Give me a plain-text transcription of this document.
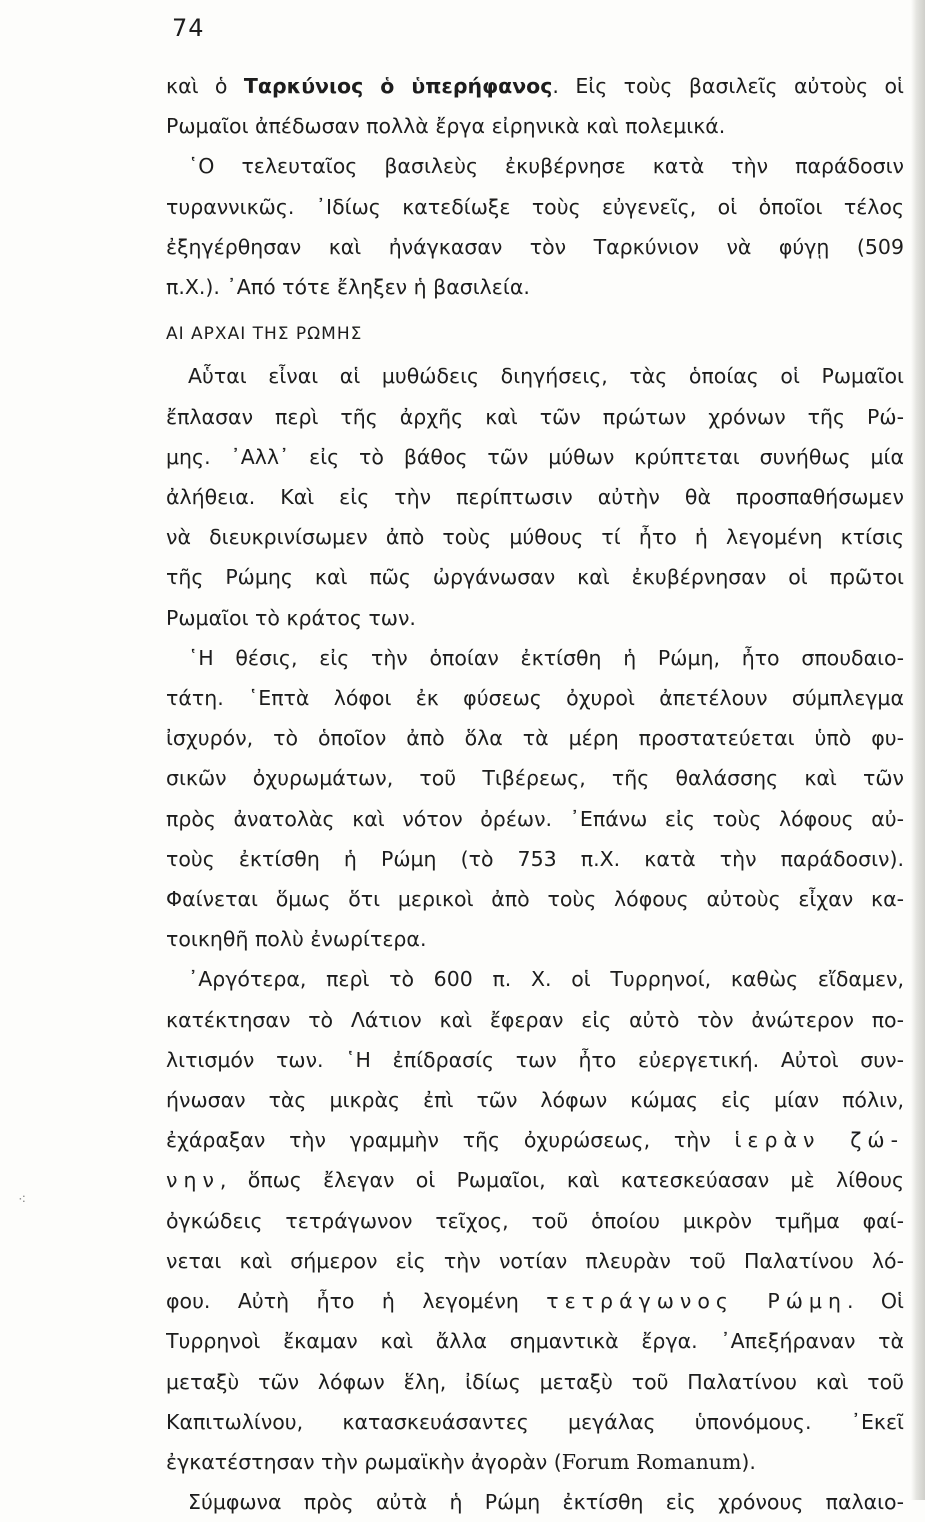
74
καὶ ὁ Ταρκύνιος ὁ ὑπερήφανος. Εἰς τοὺς βασιλεῖς αὐτοὺς οἱ
Ρωμαῖοι ἀπέδωσαν πολλὰ ἔργα εἰρηνικὰ καὶ πολεμικά.
῾Ο τελευταῖος βασιλεὺς ἐκυβέρνησε κατὰ τὴν παράδοσιν
τυραννικῶς. ᾿Ιδίως κατεδίωξε τοὺς εὐγενεῖς, οἱ ὁποῖοι τέλος
ἐξηγέρθησαν καὶ ἠνάγκασαν τὸν Ταρκύνιον νὰ φύγῃ (509
π.Χ.). ᾿Από τότε ἔληξεν ἡ βασιλεία.
ΑΙ ΑΡΧΑΙ ΤΗΣ ΡΩΜΗΣ
Αὗται εἶναι αἱ μυθώδεις διηγήσεις, τὰς ὁποίας οἱ Ρωμαῖοι
ἔπλασαν περὶ τῆς ἀρχῆς καὶ τῶν πρώτων χρόνων τῆς Ρώ-
μης. ᾿Αλλ᾿ εἰς τὸ βάθος τῶν μύθων κρύπτεται συνήθως μία
ἀλήθεια. Καὶ εἰς τὴν περίπτωσιν αὐτὴν θὰ προσπαθήσωμεν
νὰ διευκρινίσωμεν ἀπὸ τοὺς μύθους τί ἦτο ἡ λεγομένη κτίσις
τῆς Ρώμης καὶ πῶς ὠργάνωσαν καὶ ἐκυβέρνησαν οἱ πρῶτοι
Ρωμαῖοι τὸ κράτος των.
῾Η θέσις, εἰς τὴν ὁποίαν ἐκτίσθη ἡ Ρώμη, ἦτο σπουδαιο-
τάτη. ῾Επτὰ λόφοι ἐκ φύσεως ὀχυροὶ ἀπετέλουν σύμπλεγμα
ἰσχυρόν, τὸ ὁποῖον ἀπὸ ὅλα τὰ μέρη προστατεύεται ὑπὸ φυ-
σικῶν ὀχυρωμάτων, τοῦ Τιβέρεως, τῆς θαλάσσης καὶ τῶν
πρὸς ἀνατολὰς καὶ νότον ὀρέων. ᾿Επάνω εἰς τοὺς λόφους αὐ-
τοὺς ἐκτίσθη ἡ Ρώμη (τὸ 753 π.Χ. κατὰ τὴν παράδοσιν).
Φαίνεται ὅμως ὅτι μερικοὶ ἀπὸ τοὺς λόφους αὐτοὺς εἶχαν κα-
τοικηθῆ πολὺ ἐνωρίτερα.
᾿Αργότερα, περὶ τὸ 600 π. Χ. οἱ Τυρρηνοί, καθὼς εἴδαμεν,
κατέκτησαν τὸ Λάτιον καὶ ἔφεραν εἰς αὐτὸ τὸν ἀνώτερον πο-
λιτισμόν των. ῾Η ἐπίδρασίς των ἦτο εὐεργετική. Αὐτοὶ συν-
ήνωσαν τὰς μικρὰς ἐπὶ τῶν λόφων κώμας εἰς μίαν πόλιν,
ἐχάραξαν τὴν γραμμὴν τῆς ὀχυρώσεως, τὴν ἱερὰν ζώ-
νην, ὅπως ἔλεγαν οἱ Ρωμαῖοι, καὶ κατεσκεύασαν μὲ λίθους
ὀγκώδεις τετράγωνον τεῖχος, τοῦ ὁποίου μικρὸν τμῆμα φαί-
νεται καὶ σήμερον εἰς τὴν νοτίαν πλευρὰν τοῦ Παλατίνου λό-
φου. Αὐτὴ ἦτο ἡ λεγομένη τετράγωνος Ρώμη. Οἱ
Τυρρηνοὶ ἔκαμαν καὶ ἄλλα σημαντικὰ ἔργα. ᾿Απεξήραναν τὰ
μεταξὺ τῶν λόφων ἕλη, ἰδίως μεταξὺ τοῦ Παλατίνου καὶ τοῦ
Καπιτωλίνου, κατασκευάσαντες μεγάλας ὑπονόμους. ᾿Εκεῖ
ἐγκατέστησαν τὴν ρωμαϊκὴν ἀγορὰν (Forum Romanum).
Σύμφωνα πρὸς αὐτὰ ἡ Ρώμη ἐκτίσθη εἰς χρόνους παλαιο-
⁖
